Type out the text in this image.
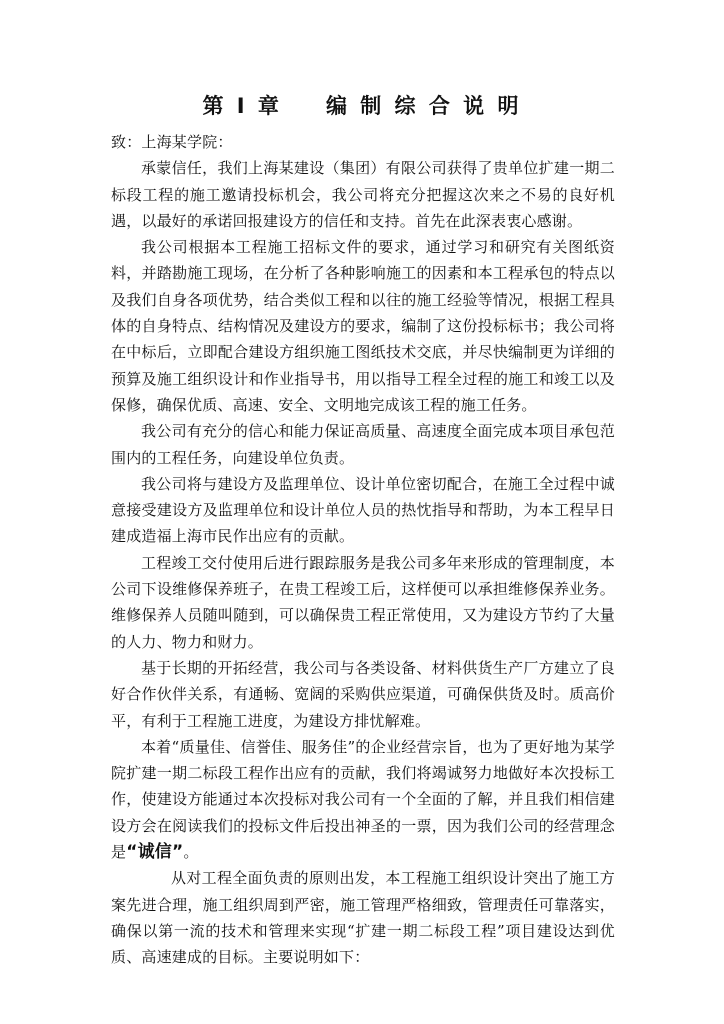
第 I 章 编 制 综 合 说 明

致：上海某学院：

承蒙信任，我们上海某建设（集团）有限公司获得了贵单位扩建一期二标段工程的施工邀请投标机会，我公司将充分把握这次来之不易的良好机遇，以最好的承诺回报建设方的信任和支持。首先在此深表衷心感谢。

我公司根据本工程施工招标文件的要求，通过学习和研究有关图纸资料，并踏勘施工现场，在分析了各种影响施工的因素和本工程承包的特点以及我们自身各项优势，结合类似工程和以往的施工经验等情况，根据工程具体的自身特点、结构情况及建设方的要求，编制了这份投标标书；我公司将在中标后，立即配合建设方组织施工图纸技术交底，并尽快编制更为详细的预算及施工组织设计和作业指导书，用以指导工程全过程的施工和竣工以及保修，确保优质、高速、安全、文明地完成该工程的施工任务。

我公司有充分的信心和能力保证高质量、高速度全面完成本项目承包范围内的工程任务，向建设单位负责。

我公司将与建设方及监理单位、设计单位密切配合，在施工全过程中诚意接受建设方及监理单位和设计单位人员的热忱指导和帮助，为本工程早日建成造福上海市民作出应有的贡献。

工程竣工交付使用后进行跟踪服务是我公司多年来形成的管理制度，本公司下设维修保养班子，在贵工程竣工后，这样便可以承担维修保养业务。维修保养人员随叫随到，可以确保贵工程正常使用，又为建设方节约了大量的人力、物力和财力。

基于长期的开拓经营，我公司与各类设备、材料供货生产厂方建立了良好合作伙伴关系，有通畅、宽阔的采购供应渠道，可确保供货及时。质高价平，有利于工程施工进度，为建设方排忧解难。

本着“质量佳、信誉佳、服务佳”的企业经营宗旨，也为了更好地为某学院扩建一期二标段工程作出应有的贡献，我们将竭诚努力地做好本次投标工作，使建设方能通过本次投标对我公司有一个全面的了解，并且我们相信建设方会在阅读我们的投标文件后投出神圣的一票，因为我们公司的经营理念是“诚信”。

从对工程全面负责的原则出发，本工程施工组织设计突出了施工方案先进合理，施工组织周到严密，施工管理严格细致，管理责任可靠落实，确保以第一流的技术和管理来实现“扩建一期二标段工程”项目建设达到优质、高速建成的目标。主要说明如下：
